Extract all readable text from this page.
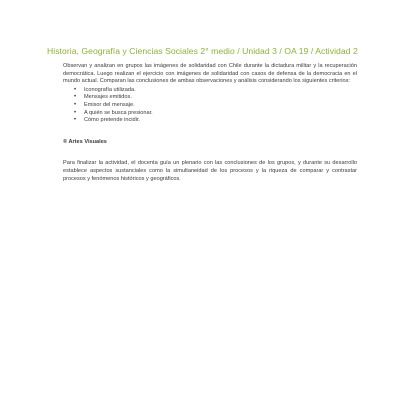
Historia, Geografía y Ciencias Sociales 2° medio / Unidad 3 / OA 19 / Actividad 2

Observan y analizan en grupos las imágenes de solidaridad con Chile durante la dictadura militar y la recuperación democrática. Luego realizan el ejercicio con imágenes de solidaridad con casos de defensa de la democracia en el mundo actual. Comparan las conclusiones de ambas observaciones y análisis considerando los siguientes criterios:

• Iconografía utilizada.
• Mensajes emitidos.
• Emisor del mensaje.
• A quién se busca presionar.
• Cómo pretende incidir.

® Artes Visuales

Para finalizar la actividad, el docenta guía un plenario con las conclusiones de los grupos, y durante su desarrollo establece aspectos sustanciales como la simultaneidad de los procesos y la riqueza de comparar y contrastar procesos y fenómenos históricos y geográficos.
